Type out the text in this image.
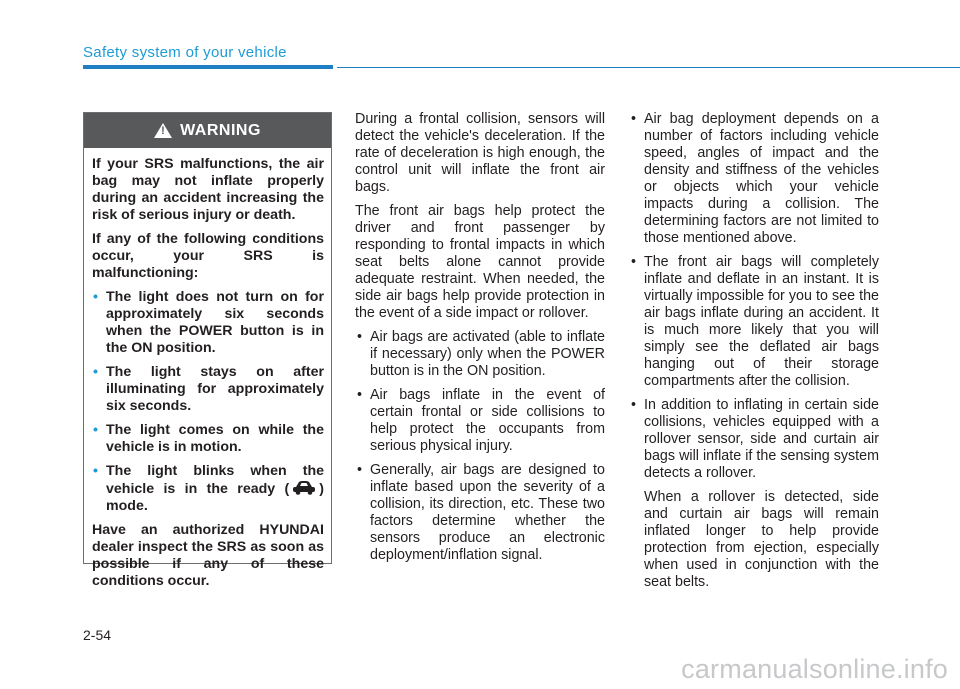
Safety system of your vehicle
!
WARNING

If your SRS malfunctions, the air bag may not inflate properly during an accident increasing the risk of serious injury or death.

If any of the following conditions occur, your SRS is malfunctioning:

• The light does not turn on for approximately six seconds when the POWER button is in the ON position.
• The light stays on after illuminating for approximately six seconds.
• The light comes on while the vehicle is in motion.
• The light blinks when the vehicle is in the ready ( ) mode.

Have an authorized HYUNDAI dealer inspect the SRS as soon as possible if any of these conditions occur.

During a frontal collision, sensors will detect the vehicle's deceleration. If the rate of deceleration is high enough, the control unit will inflate the front air bags.

The front air bags help protect the driver and front passenger by responding to frontal impacts in which seat belts alone cannot provide adequate restraint. When needed, the side air bags help provide protection in the event of a side impact or rollover.

• Air bags are activated (able to inflate if necessary) only when the POWER button is in the ON position.
• Air bags inflate in the event of certain frontal or side collisions to help protect the occupants from serious physical injury.
• Generally, air bags are designed to inflate based upon the severity of a collision, its direction, etc. These two factors determine whether the sensors produce an electronic deployment/inflation signal.
• Air bag deployment depends on a number of factors including vehicle speed, angles of impact and the density and stiffness of the vehicles or objects which your vehicle impacts during a collision. The determining factors are not limited to those mentioned above.
• The front air bags will completely inflate and deflate in an instant. It is virtually impossible for you to see the air bags inflate during an accident. It is much more likely that you will simply see the deflated air bags hanging out of their storage compartments after the collision.
• In addition to inflating in certain side collisions, vehicles equipped with a rollover sensor, side and curtain air bags will inflate if the sensing system detects a rollover.

When a rollover is detected, side and curtain air bags will remain inflated longer to help provide protection from ejection, especially when used in conjunction with the seat belts.

2-54
carmanualsonline.info
